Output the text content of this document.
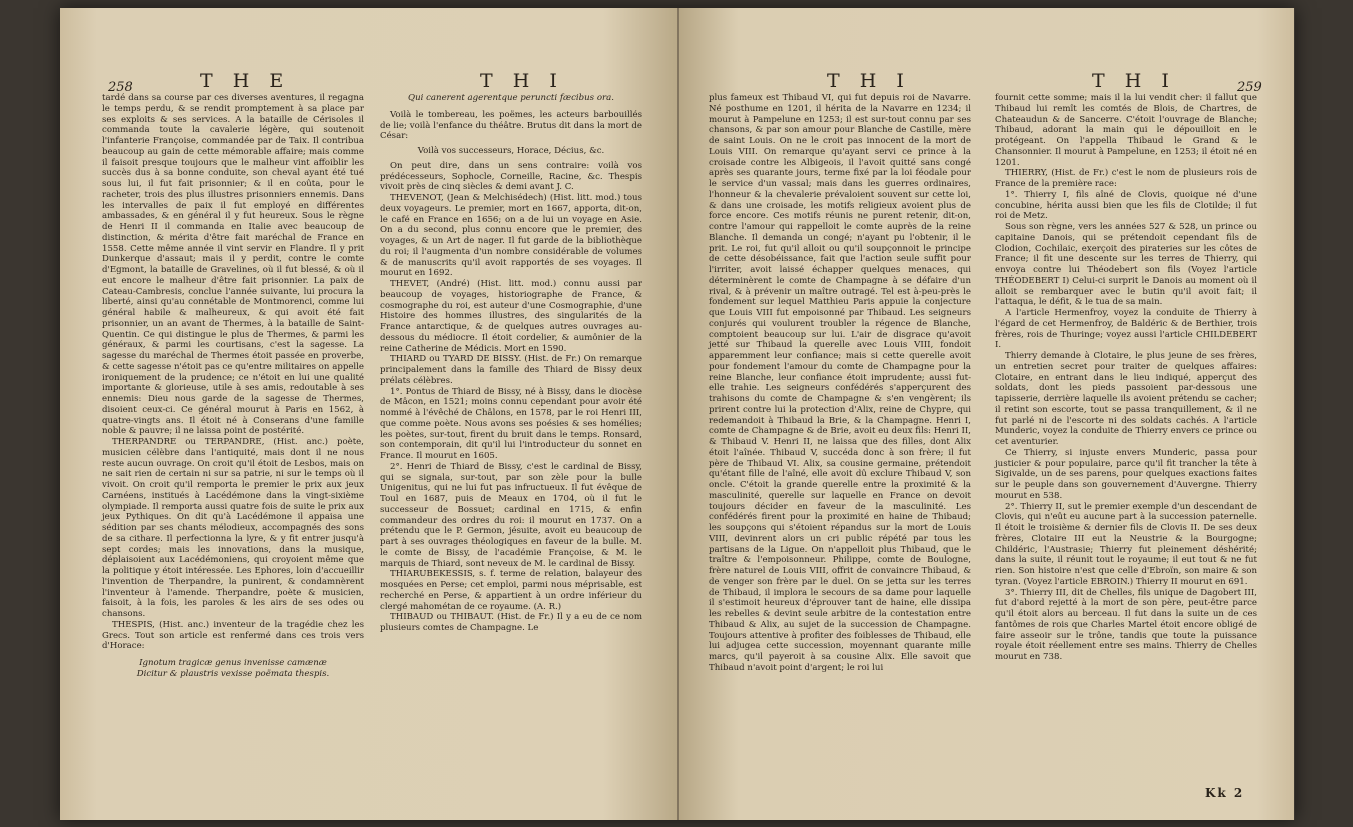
258	T H E	T H I

tardé dans sa course par ces diverses aventures, il regagna le temps perdu, & se rendit promptement à sa place par ses exploits & ses services. A la bataille de Cérisoles il commanda toute la cavalerie légère, qui soutenoit l'infanterie Françoise, commandée par de Taix. Il contribua beaucoup au gain de cette mémorable affaire; mais comme il faisoit presque toujours que le malheur vint affoiblir les succès dus à sa bonne conduite, son cheval ayant été tué sous lui, il fut fait prisonnier; & il en coûta, pour le racheter, trois des plus illustres prisonniers ennemis. Dans les intervalles de paix il fut employé en différentes ambassades, & en général il y fut heureux. Sous le règne de Henri II il commanda en Italie avec beaucoup de distinction, & mérita d'être fait maréchal de France en 1558. Cette même année il vint servir en Flandre. Il y prit Dunkerque d'assaut; mais il y perdit, contre le comte d'Egmont, la bataille de Gravelines, où il fut blessé, & où il eut encore le malheur d'être fait prisonnier. La paix de Cateau-Cambresis, conclue l'année suivante, lui procura la liberté, ainsi qu'au connétable de Montmorenci, comme lui général habile & malheureux, & qui avoit été fait prisonnier, un an avant de Thermes, à la bataille de Saint-Quentin. Ce qui distingue le plus de Thermes, & parmi les généraux, & parmi les courtisans, c'est la sagesse. La sagesse du maréchal de Thermes étoit passée en proverbe, & cette sagesse n'étoit pas ce qu'entre militaires on appelle ironiquement de la prudence; ce n'étoit en lui une qualité importante & glorieuse, utile à ses amis, redoutable à ses ennemis: Dieu nous garde de la sagesse de Thermes, disoient ceux-ci. Ce général mourut à Paris en 1562, à quatre-vingts ans. Il étoit né à Conserans d'une famille noble & pauvre; il ne laissa point de postérité.

THERPANDRE ou TERPANDRE, (Hist. anc.) poète, musicien célèbre dans l'antiquité, mais dont il ne nous reste aucun ouvrage. On croit qu'il étoit de Lesbos, mais on ne sait rien de certain ni sur sa patrie, ni sur le temps où il vivoit. On croit qu'il remporta le premier le prix aux jeux Carnéens, institués à Lacédémone dans la vingt-sixième olympiade. Il remporta aussi quatre fois de suite le prix aux jeux Pythiques. On dit qu'à Lacédémone il appaisa une sédition par ses chants mélodieux, accompagnés des sons de sa cithare. Il perfectionna la lyre, & y fit entrer jusqu'à sept cordes; mais les innovations, dans la musique, déplaisoient aux Lacédémoniens, qui croyoient même que la politique y étoit intéressée. Les Ephores, loin d'accueillir l'invention de Therpandre, la punirent, & condamnèrent l'inventeur à l'amende. Therpandre, poète & musicien, faisoit, à la fois, les paroles & les airs de ses odes ou chansons.

THESPIS, (Hist. anc.) inventeur de la tragédie chez les Grecs. Tout son article est renfermé dans ces trois vers d'Horace:

Ignotum tragicæ genus invenisse camænæ

Dicitur & plaustris vexisse poëmata thespis.

Qui canerent agerentque peruncti fæcibus ora.

Voilà le tombereau, les poëmes, les acteurs barbouillés de lie; voilà l'enfance du théâtre. Brutus dit dans la mort de César:

Voilà vos successeurs, Horace, Décius, &c.

On peut dire, dans un sens contraire: voilà vos prédécesseurs, Sophocle, Corneille, Racine, &c. Thespis vivoit près de cinq siècles & demi avant J. C.

THEVENOT, (Jean & Melchisédech) (Hist. litt. mod.) tous deux voyageurs. Le premier, mort en 1667, apporta, dit-on, le café en France en 1656; on a de lui un voyage en Asie. On a du second, plus connu encore que le premier, des voyages, & un Art de nager. Il fut garde de la bibliothèque du roi; il l'augmenta d'un nombre considérable de volumes & de manuscrits qu'il avoit rapportés de ses voyages. Il mourut en 1692.

THEVET, (André) (Hist. litt. mod.) connu aussi par beaucoup de voyages, historiographe de France, & cosmographe du roi, est auteur d'une Cosmographie, d'une Histoire des hommes illustres, des singularités de la France antarctique, & de quelques autres ouvrages au-dessous du médiocre. Il étoit cordelier, & aumônier de la reine Catherine de Médicis. Mort en 1590.

THIARD ou TYARD DE BISSY. (Hist. de Fr.) On remarque principalement dans la famille des Thiard de Bissy deux prélats célèbres.

1°. Pontus de Thiard de Bissy, né à Bissy, dans le diocèse de Mâcon, en 1521; moins connu cependant pour avoir été nommé à l'évêché de Châlons, en 1578, par le roi Henri III, que comme poète. Nous avons ses poésies & ses homélies; les poètes, sur-tout, firent du bruit dans le temps. Ronsard, son contemporain, dit qu'il lui l'introducteur du sonnet en France. Il mourut en 1605.

2°. Henri de Thiard de Bissy, c'est le cardinal de Bissy, qui se signala, sur-tout, par son zèle pour la bulle Unigenitus, qui ne lui fut pas infructueux. Il fut évêque de Toul en 1687, puis de Meaux en 1704, où il fut le successeur de Bossuet; cardinal en 1715, & enfin commandeur des ordres du roi: il mourut en 1737. On a prétendu que le P. Germon, jésuite, avoit eu beaucoup de part à ses ouvrages théologiques en faveur de la bulle. M. le comte de Bissy, de l'académie Françoise, & M. le marquis de Thiard, sont neveux de M. le cardinal de Bissy.

THIARUBEKESSIS, s. f. terme de relation, balayeur des mosquées en Perse; cet emploi, parmi nous méprisable, est recherché en Perse, & appartient à un ordre inférieur du clergé mahométan de ce royaume. (A. R.)

THIBAUD ou THIBAUT. (Hist. de Fr.) Il y a eu de ce nom plusieurs comtes de Champagne. Le

T H I	T H I	259

plus fameux est Thibaud VI, qui fut depuis roi de Navarre. Né posthume en 1201, il hérita de la Navarre en 1234; il mourut à Pampelune en 1253; il est sur-tout connu par ses chansons, & par son amour pour Blanche de Castille, mère de saint Louis. On ne le croit pas innocent de la mort de Louis VIII. On remarque qu'ayant servi ce prince à la croisade contre les Albigeois, il l'avoit quitté sans congé après ses quarante jours, terme fixé par la loi féodale pour le service d'un vassal; mais dans les guerres ordinaires, l'honneur & la chevalerie prévaloient souvent sur cette loi, & dans une croisade, les motifs religieux avoient plus de force encore. Ces motifs réunis ne purent retenir, dit-on, contre l'amour qui rappelloit le comte auprès de la reine Blanche. Il demanda un congé; n'ayant pu l'obtenir, il le prit. Le roi, fut qu'il alloit ou qu'il soupçonnoit le principe de cette désobéissance, fait que l'action seule suffit pour l'irriter, avoit laissé échapper quelques menaces, qui déterminèrent le comte de Champagne à se défaire d'un rival, & à prévenir un maître outragé. Tel est à-peu-près le fondement sur lequel Matthieu Paris appuie la conjecture que Louis VIII fut empoisonné par Thibaud. Les seigneurs conjurés qui voulurent troubler la régence de Blanche, comptoient beaucoup sur lui. L'air de disgrace qu'avoit jetté sur Thibaud la querelle avec Louis VIII, fondoit apparemment leur confiance; mais si cette querelle avoit pour fondement l'amour du comte de Champagne pour la reine Blanche, leur confiance étoit imprudente; aussi fut-elle trahie. Les seigneurs confédérés s'apperçurent des trahisons du comte de Champagne & s'en vengèrent; ils prirent contre lui la protection d'Alix, reine de Chypre, qui redemandoit à Thibaud la Brie, & la Champagne. Henri I, comte de Champagne & de Brie, avoit eu deux fils: Henri II, & Thibaud V. Henri II, ne laissa que des filles, dont Alix étoit l'aînée. Thibaud V, succéda donc à son frère; il fut père de Thibaud VI. Alix, sa cousine germaine, prétendoit qu'étant fille de l'aîné, elle avoit dû exclure Thibaud V, son oncle. C'étoit la grande querelle entre la proximité & la masculinité, querelle sur laquelle en France on devoit toujours décider en faveur de la masculinité. Les confédérés firent pour la proximité en haine de Thibaud; les soupçons qui s'étoient répandus sur la mort de Louis VIII, devinrent alors un cri public répété par tous les partisans de la Ligue. On n'appelloit plus Thibaud, que le traître & l'empoisonneur. Philippe, comte de Boulogne, frère naturel de Louis VIII, offrit de convaincre Thibaud, & de venger son frère par le duel. On se jetta sur les terres de Thibaud, il implora le secours de sa dame pour laquelle il s'estimoit heureux d'éprouver tant de haine, elle dissipa les rebelles & devint seule arbitre de la contestation entre Thibaud & Alix, au sujet de la succession de Champagne. Toujours attentive à profiter des foiblesses de Thibaud, elle lui adjugea cette succession, moyennant quarante mille marcs, qu'il payeroit à sa cousine Alix. Elle savoit que Thibaud n'avoit point d'argent; le roi lui

fournit cette somme; mais il la lui vendit cher: il fallut que Thibaud lui remît les comtés de Blois, de Chartres, de Chateaudun & de Sancerre. C'étoit l'ouvrage de Blanche; Thibaud, adorant la main qui le dépouilloit en le protégeant. On l'appella Thibaud le Grand & le Chansonnier. Il mourut à Pampelune, en 1253; il étoit né en 1201.

THIERRY, (Hist. de Fr.) c'est le nom de plusieurs rois de France de la première race:

1°. Thierry I, fils aîné de Clovis, quoique né d'une concubine, hérita aussi bien que les fils de Clotilde; il fut roi de Metz.

Sous son règne, vers les années 527 & 528, un prince ou capitaine Danois, qui se prétendoit cependant fils de Clodion, Cochilaic, exerçoit des pirateries sur les côtes de France; il fit une descente sur les terres de Thierry, qui envoya contre lui Théodebert son fils (Voyez l'article THÉODEBERT I) Celui-ci surprit le Danois au moment où il alloit se rembarquer avec le butin qu'il avoit fait; il l'attaqua, le défit, & le tua de sa main.

A l'article Hermenfroy, voyez la conduite de Thierry à l'égard de cet Hermenfroy, de Baldéric & de Berthier, trois frères, rois de Thuringe; voyez aussi l'article CHILDEBERT I.

Thierry demande à Clotaire, le plus jeune de ses frères, un entretien secret pour traiter de quelques affaires: Clotaire, en entrant dans le lieu indiqué, apperçut des soldats, dont les pieds passoient par-dessous une tapisserie, derrière laquelle ils avoient prétendu se cacher; il retint son escorte, tout se passa tranquillement, & il ne fut parlé ni de l'escorte ni des soldats cachés. A l'article Munderic, voyez la conduite de Thierry envers ce prince ou cet aventurier.

Ce Thierry, si injuste envers Munderic, passa pour justicier & pour populaire, parce qu'il fit trancher la tête à Sigivalde, un de ses parens, pour quelques exactions faites sur le peuple dans son gouvernement d'Auvergne. Thierry mourut en 538.

2°. Thierry II, sut le premier exemple d'un descendant de Clovis, qui n'eût eu aucune part à la succession paternelle. Il étoit le troisième & dernier fils de Clovis II. De ses deux frères, Clotaire III eut la Neustrie & la Bourgogne; Childéric, l'Austrasie; Thierry fut pleinement déshérité; dans la suite, il réunit tout le royaume; il eut tout & ne fut rien. Son histoire n'est que celle d'Ebroïn, son maire & son tyran. (Voyez l'article EBROIN.) Thierry II mourut en 691.

3°. Thierry III, dit de Chelles, fils unique de Dagobert III, fut d'abord rejetté à la mort de son père, peut-être parce qu'il étoit alors au berceau. Il fut dans la suite un de ces fantômes de rois que Charles Martel étoit encore obligé de faire asseoir sur le trône, tandis que toute la puissance royale étoit réellement entre ses mains. Thierry de Chelles mourut en 738.

Kk 2
